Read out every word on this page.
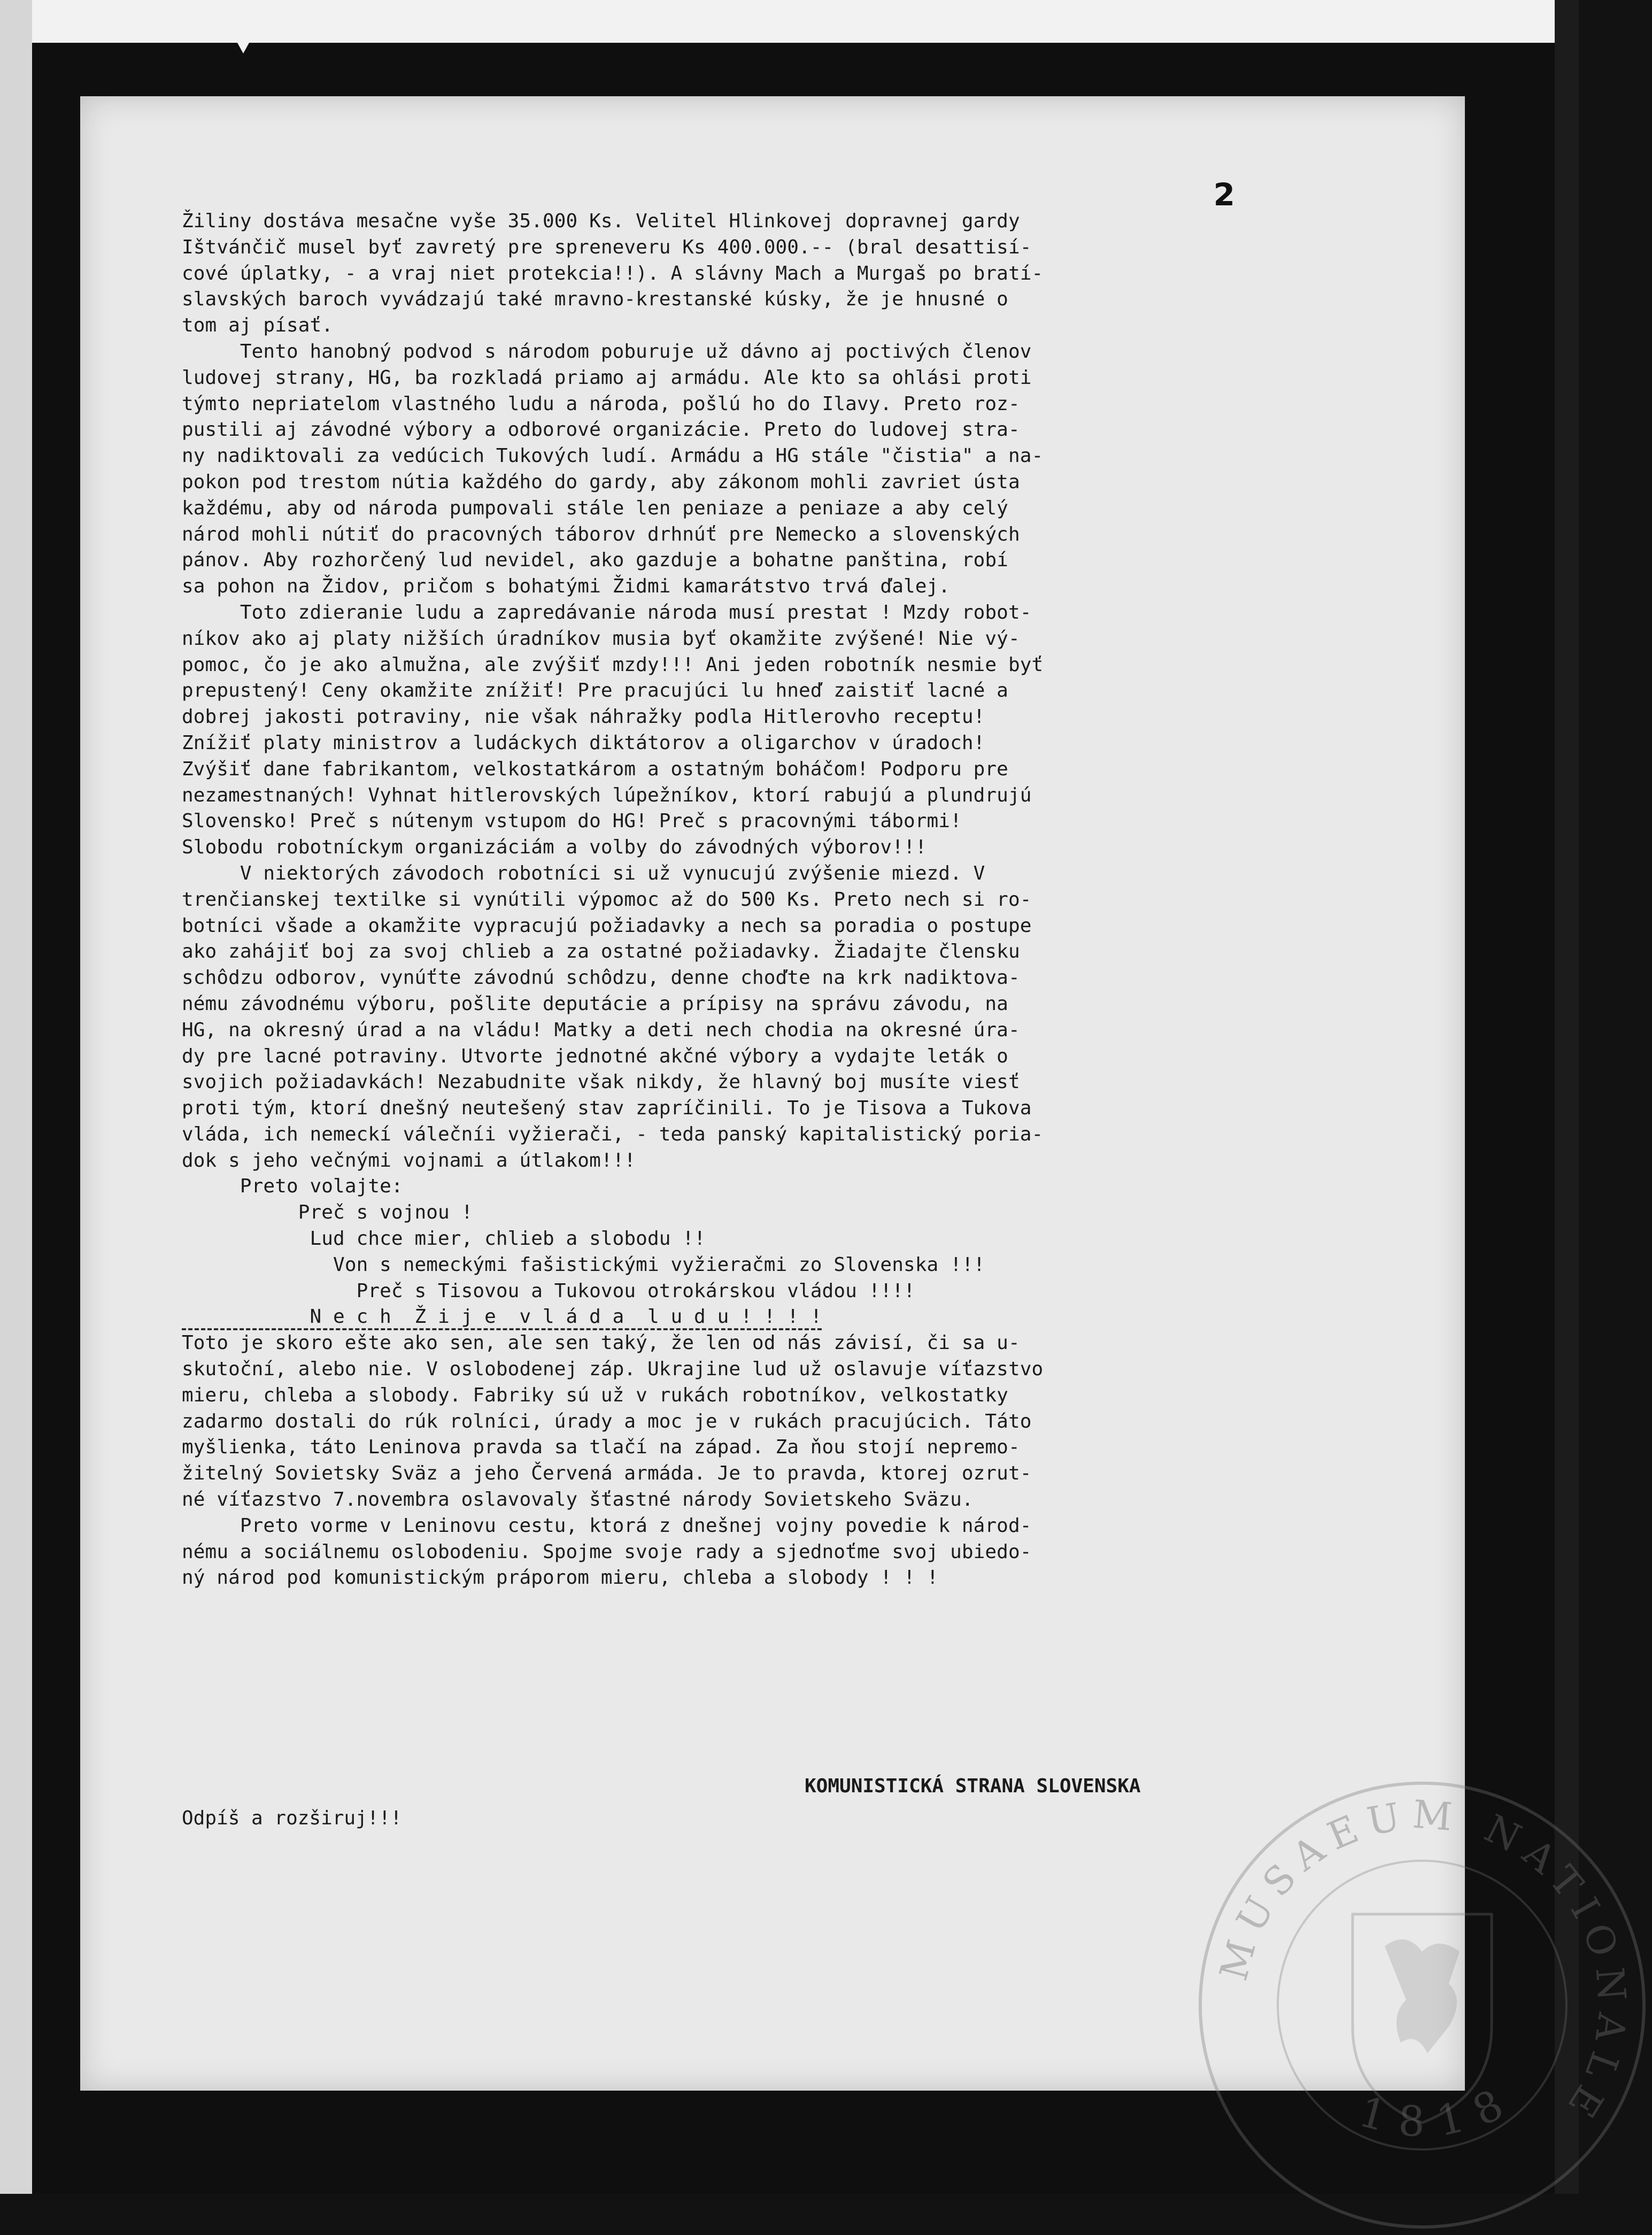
2
Žiliny dostáva mesačne vyše 35.000 Ks. Velitel Hlinkovej dopravnej gardy
Ištvánčič musel byť zavretý pre sprenevеru Ks 400.000.-- (bral desattisí-
cové úplatky, - a vraj niet protekcia!!). A slávny Mach a Murgaš po bratí-
slavských baroch vyvádzajú také mravno-krestanské kúsky, že je hnusné o
tom aj písať.
Tento hanobný podvod s národom poburuje už dávno aj poctivých členov
ludovej strany, HG, ba rozkladá priamo aj armádu. Ale kto sa ohlási proti
týmto nepriatelom vlastného ludu a národa, pošlú ho do Ilavy. Preto roz-
pustili aj závodné výbory a odborové organizácie. Preto do ludovej stra-
ny nadiktovali za vedúcich Tukových ludí. Armádu a HG stále "čistia" a na-
pokon pod trestom nútia každého do gardy, aby zákonom mohli zavriet ústa
každému, aby od národa pumpovali stále len peniaze a peniaze a aby celý
národ mohli nútiť do pracovných táborov drhnúť pre Nemecko a slovenských
pánov. Aby rozhorčený lud nevidel, ako gazduje a bohatne panština, robí
sa pohon na Židov, pričom s bohatými Židmi kamarátstvo trvá ďalej.
Toto zdieranie ludu a zapredávanie národa musí prestat ! Mzdy robot-
níkov ako aj platy nižších úradníkov musia byť okamžite zvýšené! Nie vý-
pomoc, čo je ako almužna, ale zvýšiť mzdy!!! Ani jeden robotník nesmie byť
prepustený! Ceny okamžite znížiť! Pre pracujúci lu hneď zaistiť lacné a
dobrej jakosti potraviny, nie však náhražky podla Hitlerovho receptu!
Znížiť platy ministrov a ludáckych diktátorov a oligarchov v úradoch!
Zvýšiť dane fabrikantom, velkostatkárom a ostatným boháčom! Podporu pre
nezamestnaných! Vyhnat hitlerovských lúpežníkov, ktorí rabujú a plundrujú
Slovensko! Preč s nútenym vstupom do HG! Preč s pracovnými tábormi!
Slobodu robotníckym organizáciám a volby do závodných výborov!!!
V niektorých závodoch robotníci si už vynucujú zvýšenie miezd. V
trenčianskej textilke si vynútili výpomoc až do 500 Ks. Preto nech si ro-
botníci všade a okamžite vypracujú požiadavky a nech sa poradia o postupe
ako zahájiť boj za svoj chlieb a za ostatné požiadavky. Žiadajte člensku
schôdzu odborov, vynúťte závodnú schôdzu, denne choďte na krk nadiktova-
nému závodnému výboru, pošlite deputácie a prípisy na správu závodu, na
HG, na okresný úrad a na vládu! Matky a deti nech chodia na okresné úra-
dy pre lacné potraviny. Utvorte jednotné akčné výbory a vydajte leták o
svojich požiadavkách! Nezabudnite však nikdy, že hlavný boj musíte viesť
proti tým, ktorí dnešný neutešený stav zapríčinili. To je Tisova a Tukova
vláda, ich nemeckí válečníi vyžierači, - teda panský kapitalistický poria-
dok s jeho večnými vojnami a útlakom!!!
Preto volajte:
Preč s vojnou !
Lud chce mier, chlieb a slobodu !!
Von s nemeckými fašistickými vyžieračmi zo Slovenska !!!
Preč s Tisovou a Tukovou otrokárskou vládou !!!!
N e c h  Ž i j e  v l á d a  l u d u ! ! ! !
Toto je skoro ešte ako sen, ale sen taký, že len od nás závisí, či sa u-
skutoční, alebo nie. V oslobodenej záp. Ukrajine lud už oslavuje víťazstvo
mieru, chleba a slobody. Fabriky sú už v rukách robotníkov, velkostatky
zadarmo dostali do rúk rolníci, úrady a moc je v rukách pracujúcich. Táto
myšlienka, táto Leninova pravda sa tlačí na západ. Za ňou stojí nepremo-
žitelný Sovietsky Sväz a jeho Červená armáda. Je to pravda, ktorej ozrut-
né víťazstvo 7.novembra oslavovaly šťastné národy Sovietskeho Sväzu.
Preto vorme v Leninovu cestu, ktorá z dnešnej vojny povedie k národ-
nému a sociálnemu oslobodeniu. Spojme svoje rady a sjednoťme svoj ubiedo-
ný národ pod komunistickým práporom mieru, chleba a slobody ! ! !
KOMUNISTICKÁ STRANA SLOVENSKA
Odpíš a rozširuj!!!
MUSAEUM NATIONALE
1818
